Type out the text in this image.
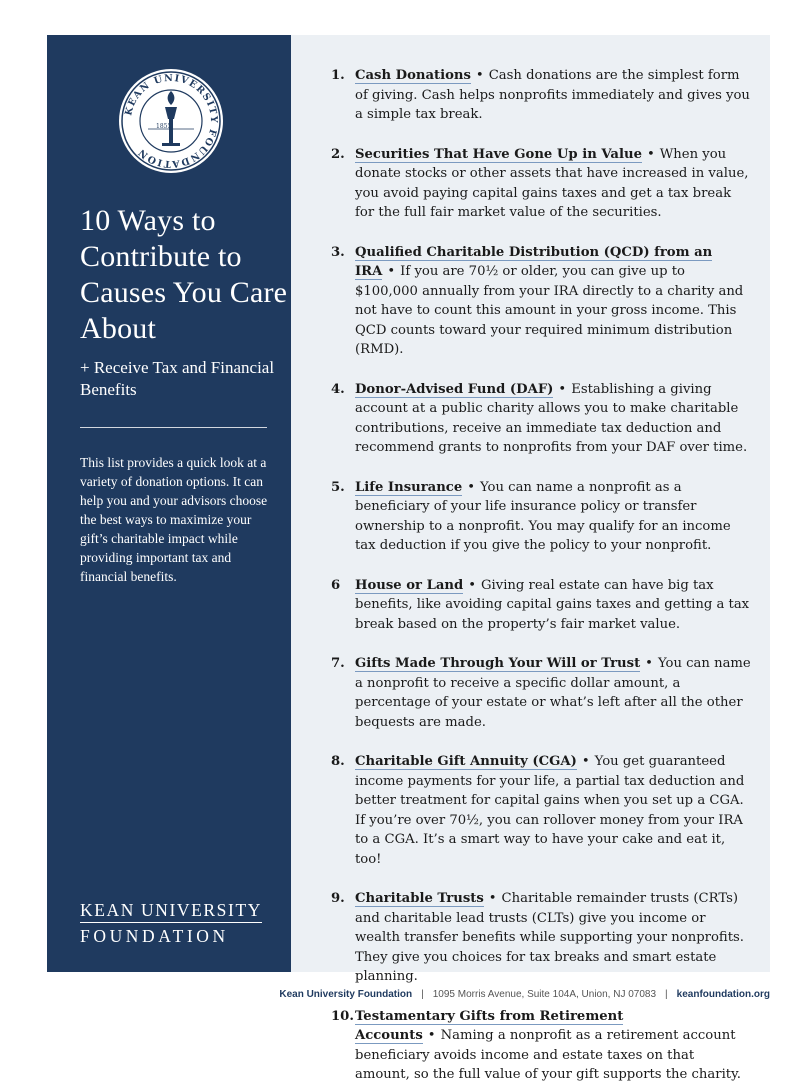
KEAN UNIVERSITY FOUNDATION
1855
10 Ways to Contribute to Causes You Care About

+ Receive Tax and Financial Benefits

This list provides a quick look at a variety of donation options. It can help you and your advisors choose the best ways to maximize your gift’s charitable impact while providing important tax and financial benefits.

KEAN UNIVERSITY
FOUNDATION
1. Cash Donations • Cash donations are the simplest form of giving. Cash helps nonprofits immediately and gives you a simple tax break.
2. Securities That Have Gone Up in Value • When you donate stocks or other assets that have increased in value, you avoid paying capital gains taxes and get a tax break for the full fair market value of the securities.
3. Qualified Charitable Distribution (QCD) from an IRA • If you are 70½ or older, you can give up to $100,000 annually from your IRA directly to a charity and not have to count this amount in your gross income. This QCD counts toward your required minimum distribution (RMD).
4. Donor-Advised Fund (DAF) • Establishing a giving account at a public charity allows you to make charitable contributions, receive an immediate tax deduction and recommend grants to nonprofits from your DAF over time.
5. Life Insurance • You can name a nonprofit as a beneficiary of your life insurance policy or transfer ownership to a nonprofit. You may qualify for an income tax deduction if you give the policy to your nonprofit.
6 House or Land • Giving real estate can have big tax benefits, like avoiding capital gains taxes and getting a tax break based on the property’s fair market value.
7. Gifts Made Through Your Will or Trust • You can name a nonprofit to receive a specific dollar amount, a percentage of your estate or what’s left after all the other bequests are made.
8. Charitable Gift Annuity (CGA) • You get guaranteed income payments for your life, a partial tax deduction and better treatment for capital gains when you set up a CGA. If you’re over 70½, you can rollover money from your IRA to a CGA. It’s a smart way to have your cake and eat it, too!
9. Charitable Trusts • Charitable remainder trusts (CRTs) and charitable lead trusts (CLTs) give you income or wealth transfer benefits while supporting your nonprofits. They give you choices for tax breaks and smart estate planning.
10. Testamentary Gifts from Retirement Accounts • Naming a nonprofit as a retirement account beneficiary avoids income and estate taxes on that amount, so the full value of your gift supports the charity.
Kean University Foundation | 1095 Morris Avenue, Suite 104A, Union, NJ 07083 | keanfoundation.org
